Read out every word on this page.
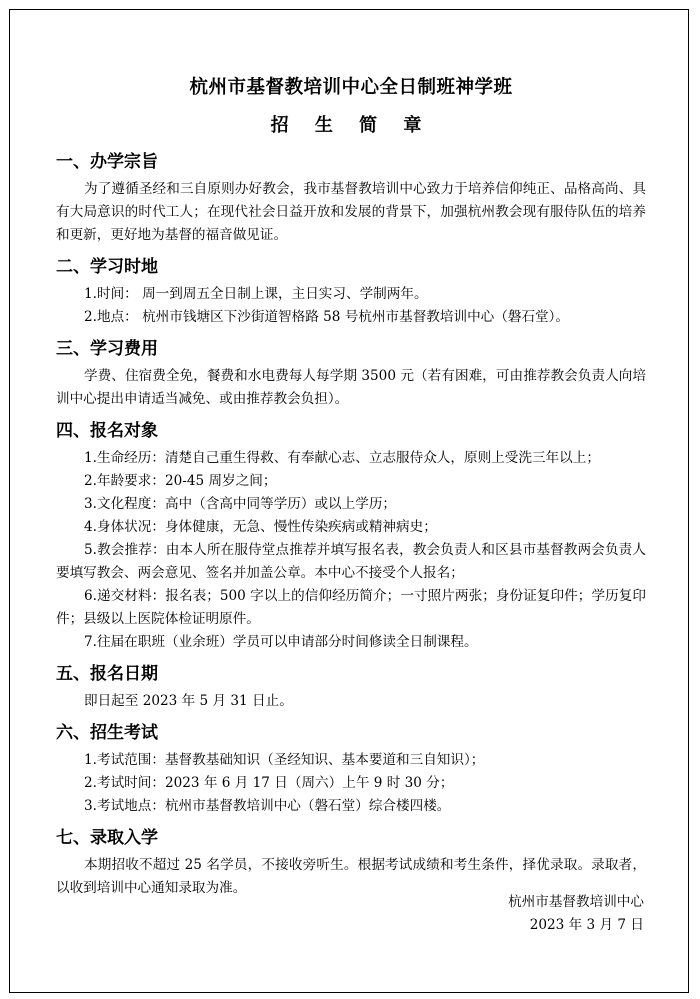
杭州市基督教培训中心全日制班神学班
招 生 简 章
一、办学宗旨

为了遵循圣经和三自原则办好教会，我市基督教培训中心致力于培养信仰纯正、品格高尚、具有大局意识的时代工人；在现代社会日益开放和发展的背景下，加强杭州教会现有服侍队伍的培养和更新，更好地为基督的福音做见证。

二、学习时地

1.时间： 周一到周五全日制上课，主日实习、学制两年。

2.地点： 杭州市钱塘区下沙街道智格路 58 号杭州市基督教培训中心（磐石堂）。

三、学习费用

学费、住宿费全免，餐费和水电费每人每学期 3500 元（若有困难，可由推荐教会负责人向培训中心提出申请适当减免、或由推荐教会负担）。

四、报名对象

1.生命经历：清楚自己重生得救、有奉献心志、立志服侍众人，原则上受洗三年以上；

2.年龄要求：20-45 周岁之间；

3.文化程度：高中（含高中同等学历）或以上学历；

4.身体状况：身体健康，无急、慢性传染疾病或精神病史；

5.教会推荐：由本人所在服侍堂点推荐并填写报名表，教会负责人和区县市基督教两会负责人要填写教会、两会意见、签名并加盖公章。本中心不接受个人报名；

6.递交材料：报名表；500 字以上的信仰经历简介；一寸照片两张；身份证复印件；学历复印件；县级以上医院体检证明原件。

7.往届在职班（业余班）学员可以申请部分时间修读全日制课程。

五、报名日期

即日起至 2023 年 5 月 31 日止。

六、招生考试

1.考试范围：基督教基础知识（圣经知识、基本要道和三自知识）；

2.考试时间：2023 年 6 月 17 日（周六）上午 9 时 30 分；

3.考试地点：杭州市基督教培训中心（磐石堂）综合楼四楼。

七、录取入学

本期招收不超过 25 名学员，不接收旁听生。根据考试成绩和考生条件，择优录取。录取者，以收到培训中心通知录取为准。

杭州市基督教培训中心
2023 年 3 月 7 日
